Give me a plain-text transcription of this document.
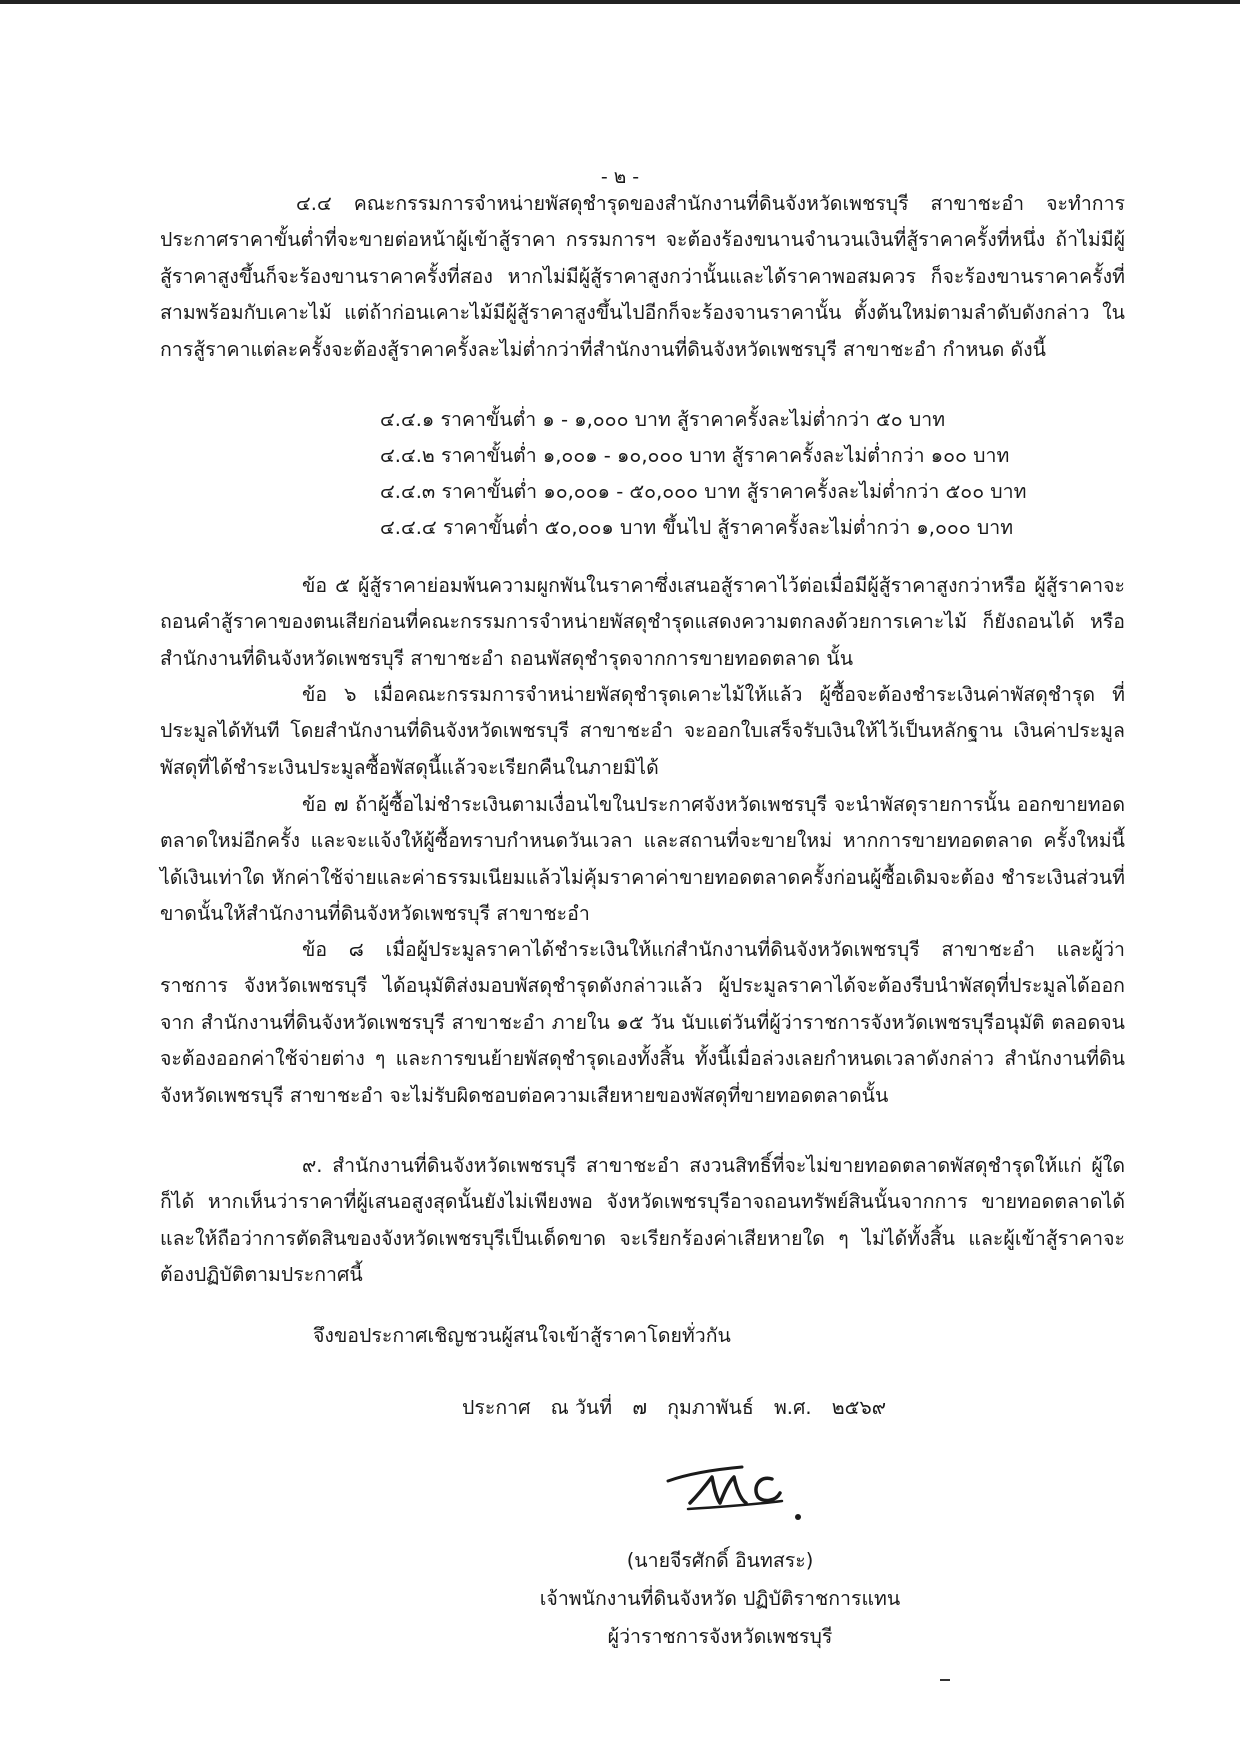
- ๒ -

๔.๔ คณะกรรมการจำหน่ายพัสดุชำรุดของสำนักงานที่ดินจังหวัดเพชรบุรี สาขาชะอำ จะทำการประกาศราคาขั้นต่ำที่จะขายต่อหน้าผู้เข้าสู้ราคา กรรมการฯ จะต้องร้องขนานจำนวนเงินที่สู้ราคาครั้งที่หนึ่ง ถ้าไม่มีผู้สู้ราคาสูงขึ้นก็จะร้องขานราคาครั้งที่สอง หากไม่มีผู้สู้ราคาสูงกว่านั้นและได้ราคาพอสมควร ก็จะร้องขานราคาครั้งที่สามพร้อมกับเคาะไม้ แต่ถ้าก่อนเคาะไม้มีผู้สู้ราคาสูงขึ้นไปอีกก็จะร้องจานราคานั้น ตั้งต้นใหม่ตามลำดับดังกล่าว ในการสู้ราคาแต่ละครั้งจะต้องสู้ราคาครั้งละไม่ต่ำกว่าที่สำนักงานที่ดินจังหวัดเพชรบุรี สาขาชะอำ กำหนด ดังนี้

๔.๔.๑ ราคาขั้นต่ำ ๑ - ๑,๐๐๐ บาท สู้ราคาครั้งละไม่ต่ำกว่า ๕๐ บาท

๔.๔.๒ ราคาขั้นต่ำ ๑,๐๐๑ - ๑๐,๐๐๐ บาท สู้ราคาครั้งละไม่ต่ำกว่า ๑๐๐ บาท

๔.๔.๓ ราคาขั้นต่ำ ๑๐,๐๐๑ - ๕๐,๐๐๐ บาท สู้ราคาครั้งละไม่ต่ำกว่า ๕๐๐ บาท

๔.๔.๔ ราคาขั้นต่ำ ๕๐,๐๐๑ บาท ขึ้นไป สู้ราคาครั้งละไม่ต่ำกว่า ๑,๐๐๐ บาท

ข้อ ๕ ผู้สู้ราคาย่อมพ้นความผูกพันในราคาซึ่งเสนอสู้ราคาไว้ต่อเมื่อมีผู้สู้ราคาสูงกว่าหรือ ผู้สู้ราคาจะถอนคำสู้ราคาของตนเสียก่อนที่คณะกรรมการจำหน่ายพัสดุชำรุดแสดงความตกลงด้วยการเคาะไม้ ก็ยังถอนได้ หรือสำนักงานที่ดินจังหวัดเพชรบุรี สาขาชะอำ ถอนพัสดุชำรุดจากการขายทอดตลาด นั้น

ข้อ ๖ เมื่อคณะกรรมการจำหน่ายพัสดุชำรุดเคาะไม้ให้แล้ว ผู้ซื้อจะต้องชำระเงินค่าพัสดุชำรุด ที่ประมูลได้ทันที โดยสำนักงานที่ดินจังหวัดเพชรบุรี สาขาชะอำ จะออกใบเสร็จรับเงินให้ไว้เป็นหลักฐาน เงินค่าประมูลพัสดุที่ได้ชำระเงินประมูลซื้อพัสดุนี้แล้วจะเรียกคืนในภายมิได้

ข้อ ๗ ถ้าผู้ซื้อไม่ชำระเงินตามเงื่อนไขในประกาศจังหวัดเพชรบุรี จะนำพัสดุรายการนั้น ออกขายทอดตลาดใหม่อีกครั้ง และจะแจ้งให้ผู้ซื้อทราบกำหนดวันเวลา และสถานที่จะขายใหม่ หากการขายทอดตลาด ครั้งใหม่นี้ได้เงินเท่าใด หักค่าใช้จ่ายและค่าธรรมเนียมแล้วไม่คุ้มราคาค่าขายทอดตลาดครั้งก่อนผู้ซื้อเดิมจะต้อง ชำระเงินส่วนที่ขาดนั้นให้สำนักงานที่ดินจังหวัดเพชรบุรี สาขาชะอำ

ข้อ ๘ เมื่อผู้ประมูลราคาได้ชำระเงินให้แก่สำนักงานที่ดินจังหวัดเพชรบุรี สาขาชะอำ และผู้ว่าราชการ จังหวัดเพชรบุรี ได้อนุมัติส่งมอบพัสดุชำรุดดังกล่าวแล้ว ผู้ประมูลราคาได้จะต้องรีบนำพัสดุที่ประมูลได้ออกจาก สำนักงานที่ดินจังหวัดเพชรบุรี สาขาชะอำ ภายใน ๑๕ วัน นับแต่วันที่ผู้ว่าราชการจังหวัดเพชรบุรีอนุมัติ ตลอดจนจะต้องออกค่าใช้จ่ายต่าง ๆ และการขนย้ายพัสดุชำรุดเองทั้งสิ้น ทั้งนี้เมื่อล่วงเลยกำหนดเวลาดังกล่าว สำนักงานที่ดินจังหวัดเพชรบุรี สาขาชะอำ จะไม่รับผิดชอบต่อความเสียหายของพัสดุที่ขายทอดตลาดนั้น

๙. สำนักงานที่ดินจังหวัดเพชรบุรี สาขาชะอำ สงวนสิทธิ์ที่จะไม่ขายทอดตลาดพัสดุชำรุดให้แก่ ผู้ใดก็ได้ หากเห็นว่าราคาที่ผู้เสนอสูงสุดนั้นยังไม่เพียงพอ จังหวัดเพชรบุรีอาจถอนทรัพย์สินนั้นจากการ ขายทอดตลาดได้ และให้ถือว่าการตัดสินของจังหวัดเพชรบุรีเป็นเด็ดขาด จะเรียกร้องค่าเสียหายใด ๆ ไม่ได้ทั้งสิ้น และผู้เข้าสู้ราคาจะต้องปฏิบัติตามประกาศนี้

จึงขอประกาศเชิญชวนผู้สนใจเข้าสู้ราคาโดยทั่วกัน

ประกาศ ณ วันที่ ๗ กุมภาพันธ์ พ.ศ. ๒๕๖๙

(นายจีรศักดิ์ อินทสระ)

เจ้าพนักงานที่ดินจังหวัด ปฏิบัติราชการแทน

ผู้ว่าราชการจังหวัดเพชรบุรี
